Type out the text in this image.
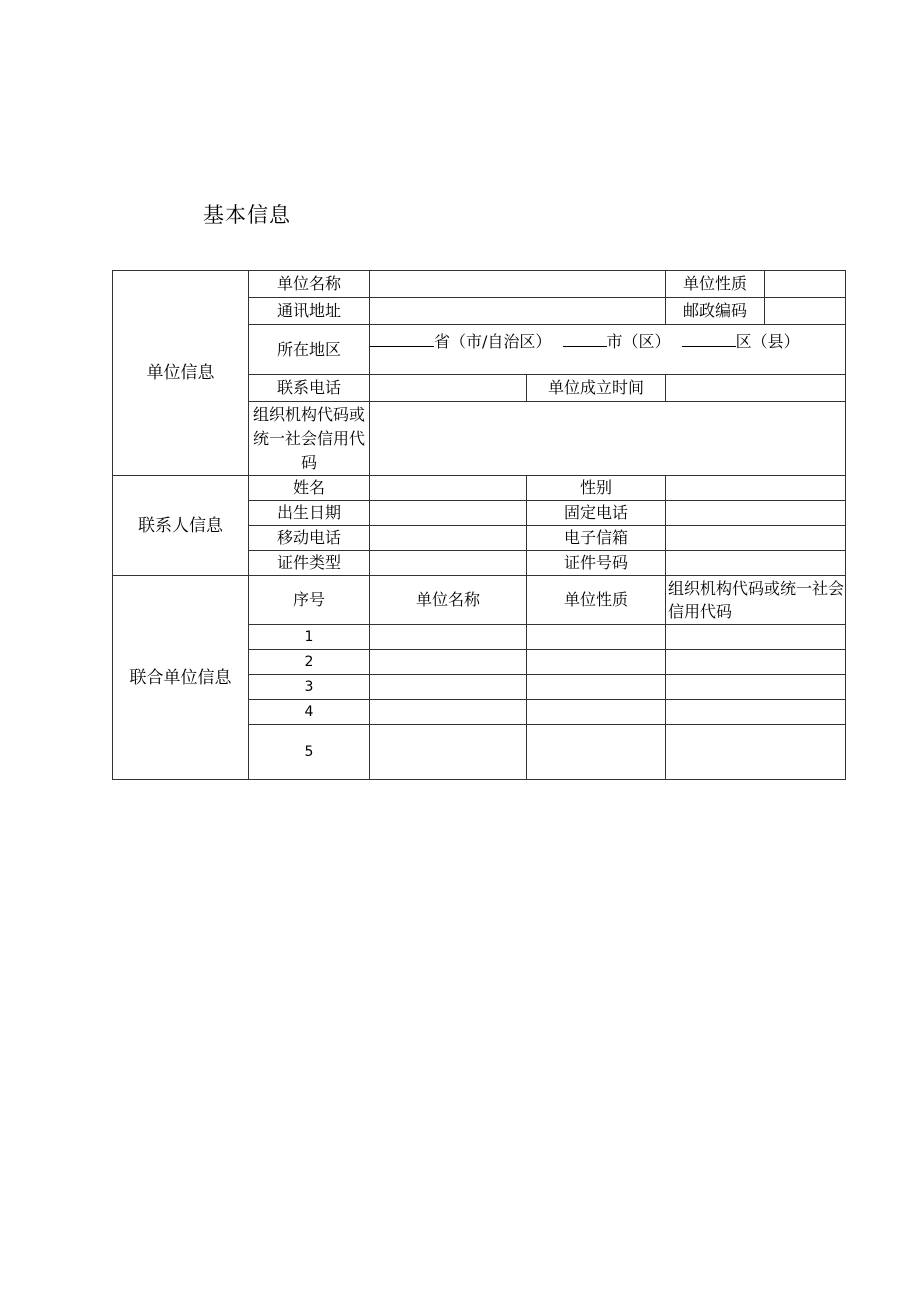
基本信息
单位信息	单位名称			单位性质	

	通讯地址			邮政编码	

	所在地区	省（市/自治区） 市（区） 区（县）			

	联系电话		单位成立时间		

	组织机构代码或统一社会信用代码				

联系人信息	姓名		性别		

	出生日期		固定电话		

	移动电话		电子信箱		

	证件类型		证件号码		

联合单位信息	序号	单位名称	单位性质	组织机构代码或统一社会信用代码	
	1		

	2		

	3		

	4		

	5		
